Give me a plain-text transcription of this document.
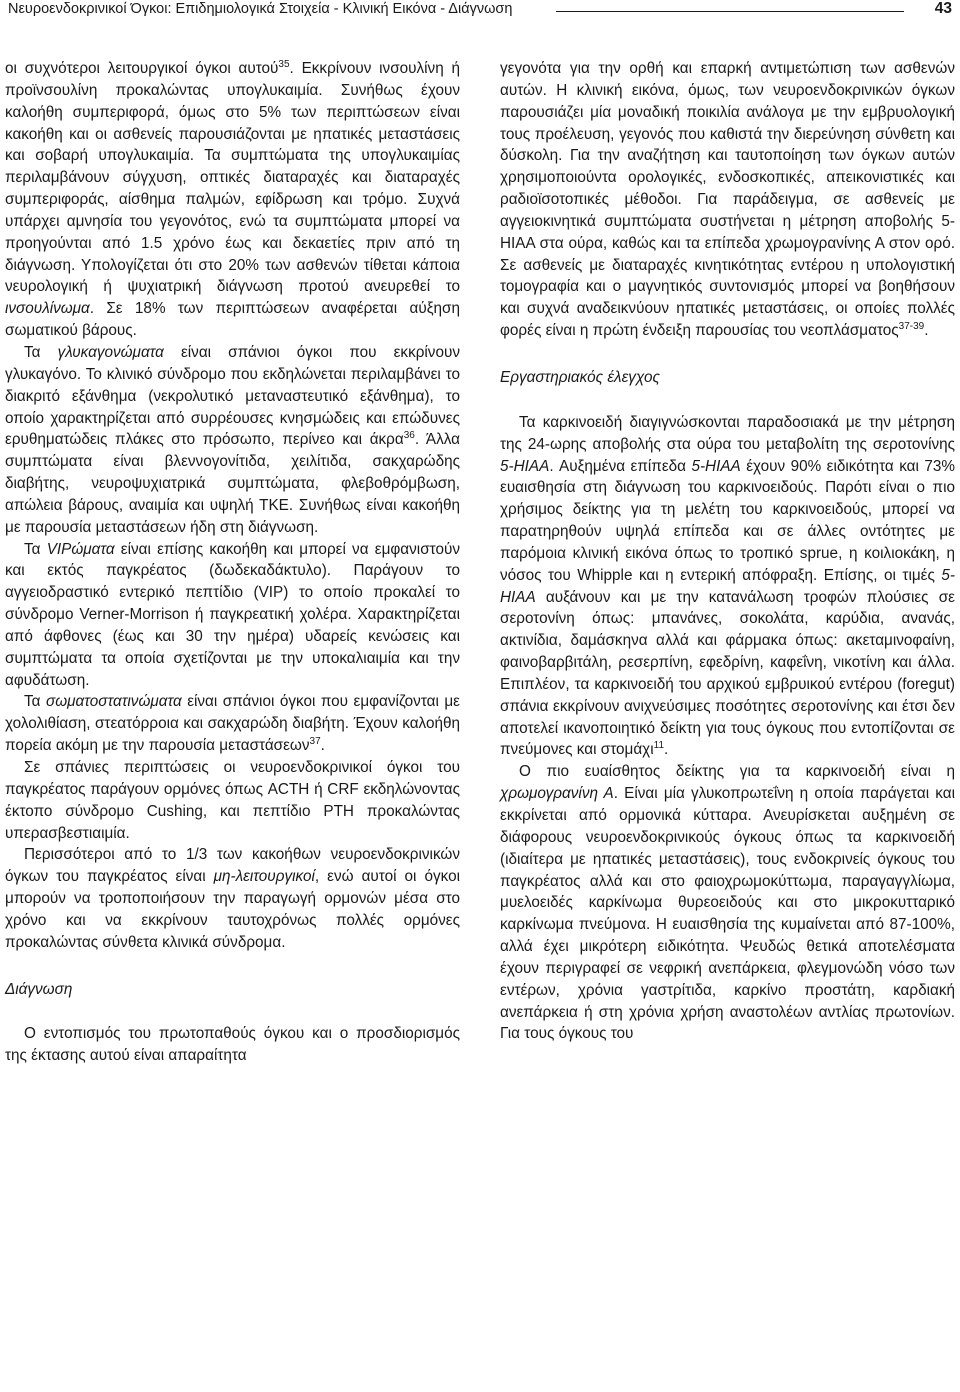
Νευροενδοκρινικοί Όγκοι: Επιδημιολογικά Στοιχεία - Κλινική Εικόνα - Διάγνωση	43

οι συχνότεροι λειτουργικοί όγκοι αυτού$^{35}$. Εκκρίνουν ινσουλίνη ή προϊνσουλίνη προκαλώντας υπογλυκαιμία. Συνήθως έχουν καλοήθη συμπεριφορά, όμως στο 5% των περιπτώσεων είναι κακοήθη και οι ασθενείς παρουσιάζονται με ηπατικές μεταστάσεις και σοβαρή υπογλυκαιμία. Τα συμπτώματα της υπογλυκαιμίας περιλαμβάνουν σύγχυση, οπτικές διαταραχές και διαταραχές συμπεριφοράς, αίσθημα παλμών, εφίδρωση και τρόμο. Συχνά υπάρχει αμνησία του γεγονότος, ενώ τα συμπτώματα μπορεί να προηγούνται από 1.5 χρόνο έως και δεκαετίες πριν από τη διάγνωση. Υπολογίζεται ότι στο 20% των ασθενών τίθεται κάποια νευρολογική ή ψυχιατρική διάγνωση προτού ανευρεθεί το ινσουλίνωμα. Σε 18% των περιπτώσεων αναφέρεται αύξηση σωματικού βάρους.

Τα γλυκαγονώματα είναι σπάνιοι όγκοι που εκκρίνουν γλυκαγόνο. Το κλινικό σύνδρομο που εκδηλώνεται περιλαμβάνει το διακριτό εξάνθημα (νεκρολυτικό μεταναστευτικό εξάνθημα), το οποίο χαρακτηρίζεται από συρρέουσες κνησμώδεις και επώδυνες ερυθηματώδεις πλάκες στο πρόσωπο, περίνεο και άκρα$^{36}$. Άλλα συμπτώματα είναι βλεννογονίτιδα, χειλίτιδα, σακχαρώδης διαβήτης, νευροψυχιατρικά συμπτώματα, φλεβοθρόμβωση, απώλεια βάρους, αναιμία και υψηλή ΤΚΕ. Συνήθως είναι κακοήθη με παρουσία μεταστάσεων ήδη στη διάγνωση.

Τα VIPώματα είναι επίσης κακοήθη και μπορεί να εμφανιστούν και εκτός παγκρέατος (δωδεκαδάκτυλο). Παράγουν το αγγειοδραστικό εντερικό πεπτίδιο (VIP) το οποίο προκαλεί το σύνδρομο Verner-Morrison ή παγκρεατική χολέρα. Χαρακτηρίζεται από άφθονες (έως και 30 την ημέρα) υδαρείς κενώσεις και συμπτώματα τα οποία σχετίζονται με την υποκαλιαιμία και την αφυδάτωση.

Τα σωματοστατινώματα είναι σπάνιοι όγκοι που εμφανίζονται με χολολιθίαση, στεατόρροια και σακχαρώδη διαβήτη. Έχουν καλοήθη πορεία ακόμη με την παρουσία μεταστάσεων$^{37}$.

Σε σπάνιες περιπτώσεις οι νευροενδοκρινικοί όγκοι του παγκρέατος παράγουν ορμόνες όπως ACTH ή CRF εκδηλώνοντας έκτοπο σύνδρομο Cushing, και πεπτίδιο PTH προκαλώντας υπερασβεστιαιμία.

Περισσότεροι από το 1/3 των κακοήθων νευροενδοκρινικών όγκων του παγκρέατος είναι μη-λειτουργικοί, ενώ αυτοί οι όγκοι μπορούν να τροποποιήσουν την παραγωγή ορμονών μέσα στο χρόνο και να εκκρίνουν ταυτοχρόνως πολλές ορμόνες προκαλώντας σύνθετα κλινικά σύνδρομα.

Διάγνωση

Ο εντοπισμός του πρωτοπαθούς όγκου και ο προσδιορισμός της έκτασης αυτού είναι απαραίτητα

γεγονότα για την ορθή και επαρκή αντιμετώπιση των ασθενών αυτών. Η κλινική εικόνα, όμως, των νευροενδοκρινικών όγκων παρουσιάζει μία μοναδική ποικιλία ανάλογα με την εμβρυολογική τους προέλευση, γεγονός που καθιστά την διερεύνηση σύνθετη και δύσκολη. Για την αναζήτηση και ταυτοποίηση των όγκων αυτών χρησιμοποιούντα ορολογικές, ενδοσκοπικές, απεικονιστικές και ραδιοϊσοτοπικές μέθοδοι. Για παράδειγμα, σε ασθενείς με αγγειοκινητικά συμπτώματα συστήνεται η μέτρηση αποβολής 5-HIAA στα ούρα, καθώς και τα επίπεδα χρωμογρανίνης Α στον ορό. Σε ασθενείς με διαταραχές κινητικότητας εντέρου η υπολογιστική τομογραφία και ο μαγνητικός συντονισμός μπορεί να βοηθήσουν και συχνά αναδεικνύουν ηπατικές μεταστάσεις, οι οποίες πολλές φορές είναι η πρώτη ένδειξη παρουσίας του νεοπλάσματος$^{37-39}$.

Εργαστηριακός έλεγχος

Τα καρκινοειδή διαγιγνώσκονται παραδοσιακά με την μέτρηση της 24-ωρης αποβολής στα ούρα του μεταβολίτη της σεροτονίνης 5-HIAA. Αυξημένα επίπεδα 5-HIAA έχουν 90% ειδικότητα και 73% ευαισθησία στη διάγνωση του καρκινοειδούς. Παρότι είναι ο πιο χρήσιμος δείκτης για τη μελέτη του καρκινοειδούς, μπορεί να παρατηρηθούν υψηλά επίπεδα και σε άλλες οντότητες με παρόμοια κλινική εικόνα όπως το τροπικό sprue, η κοιλιοκάκη, η νόσος του Whipple και η εντερική απόφραξη. Επίσης, οι τιμές 5-HIAA αυξάνουν και με την κατανάλωση τροφών πλούσιες σε σεροτονίνη όπως: μπανάνες, σοκολάτα, καρύδια, ανανάς, ακτινίδια, δαμάσκηνα αλλά και φάρμακα όπως: ακεταμινοφαίνη, φαινοβαρβιτάλη, ρεσερπίνη, εφεδρίνη, καφεΐνη, νικοτίνη και άλλα. Επιπλέον, τα καρκινοειδή του αρχικού εμβρυικού εντέρου (foregut) σπάνια εκκρίνουν ανιχνεύσιμες ποσότητες σεροτονίνης και έτσι δεν αποτελεί ικανοποιητικό δείκτη για τους όγκους που εντοπίζονται σε πνεύμονες και στομάχι$^{11}$.

Ο πιο ευαίσθητος δείκτης για τα καρκινοειδή είναι η χρωμογρανίνη Α. Είναι μία γλυκοπρωτεΐνη η οποία παράγεται και εκκρίνεται από ορμονικά κύτταρα. Ανευρίσκεται αυξημένη σε διάφορους νευροενδοκρινικούς όγκους όπως τα καρκινοειδή (ιδιαίτερα με ηπατικές μεταστάσεις), τους ενδοκρινείς όγκους του παγκρέατος αλλά και στο φαιοχρωμοκύττωμα, παραγαγγλίωμα, μυελοειδές καρκίνωμα θυρεοειδούς και στο μικροκυτταρικό καρκίνωμα πνεύμονα. Η ευαισθησία της κυμαίνεται από 87-100%, αλλά έχει μικρότερη ειδικότητα. Ψευδώς θετικά αποτελέσματα έχουν περιγραφεί σε νεφρική ανεπάρκεια, φλεγμονώδη νόσο των εντέρων, χρόνια γαστρίτιδα, καρκίνο προστάτη, καρδιακή ανεπάρκεια ή στη χρόνια χρήση αναστολέων αντλίας πρωτονίων. Για τους όγκους του
